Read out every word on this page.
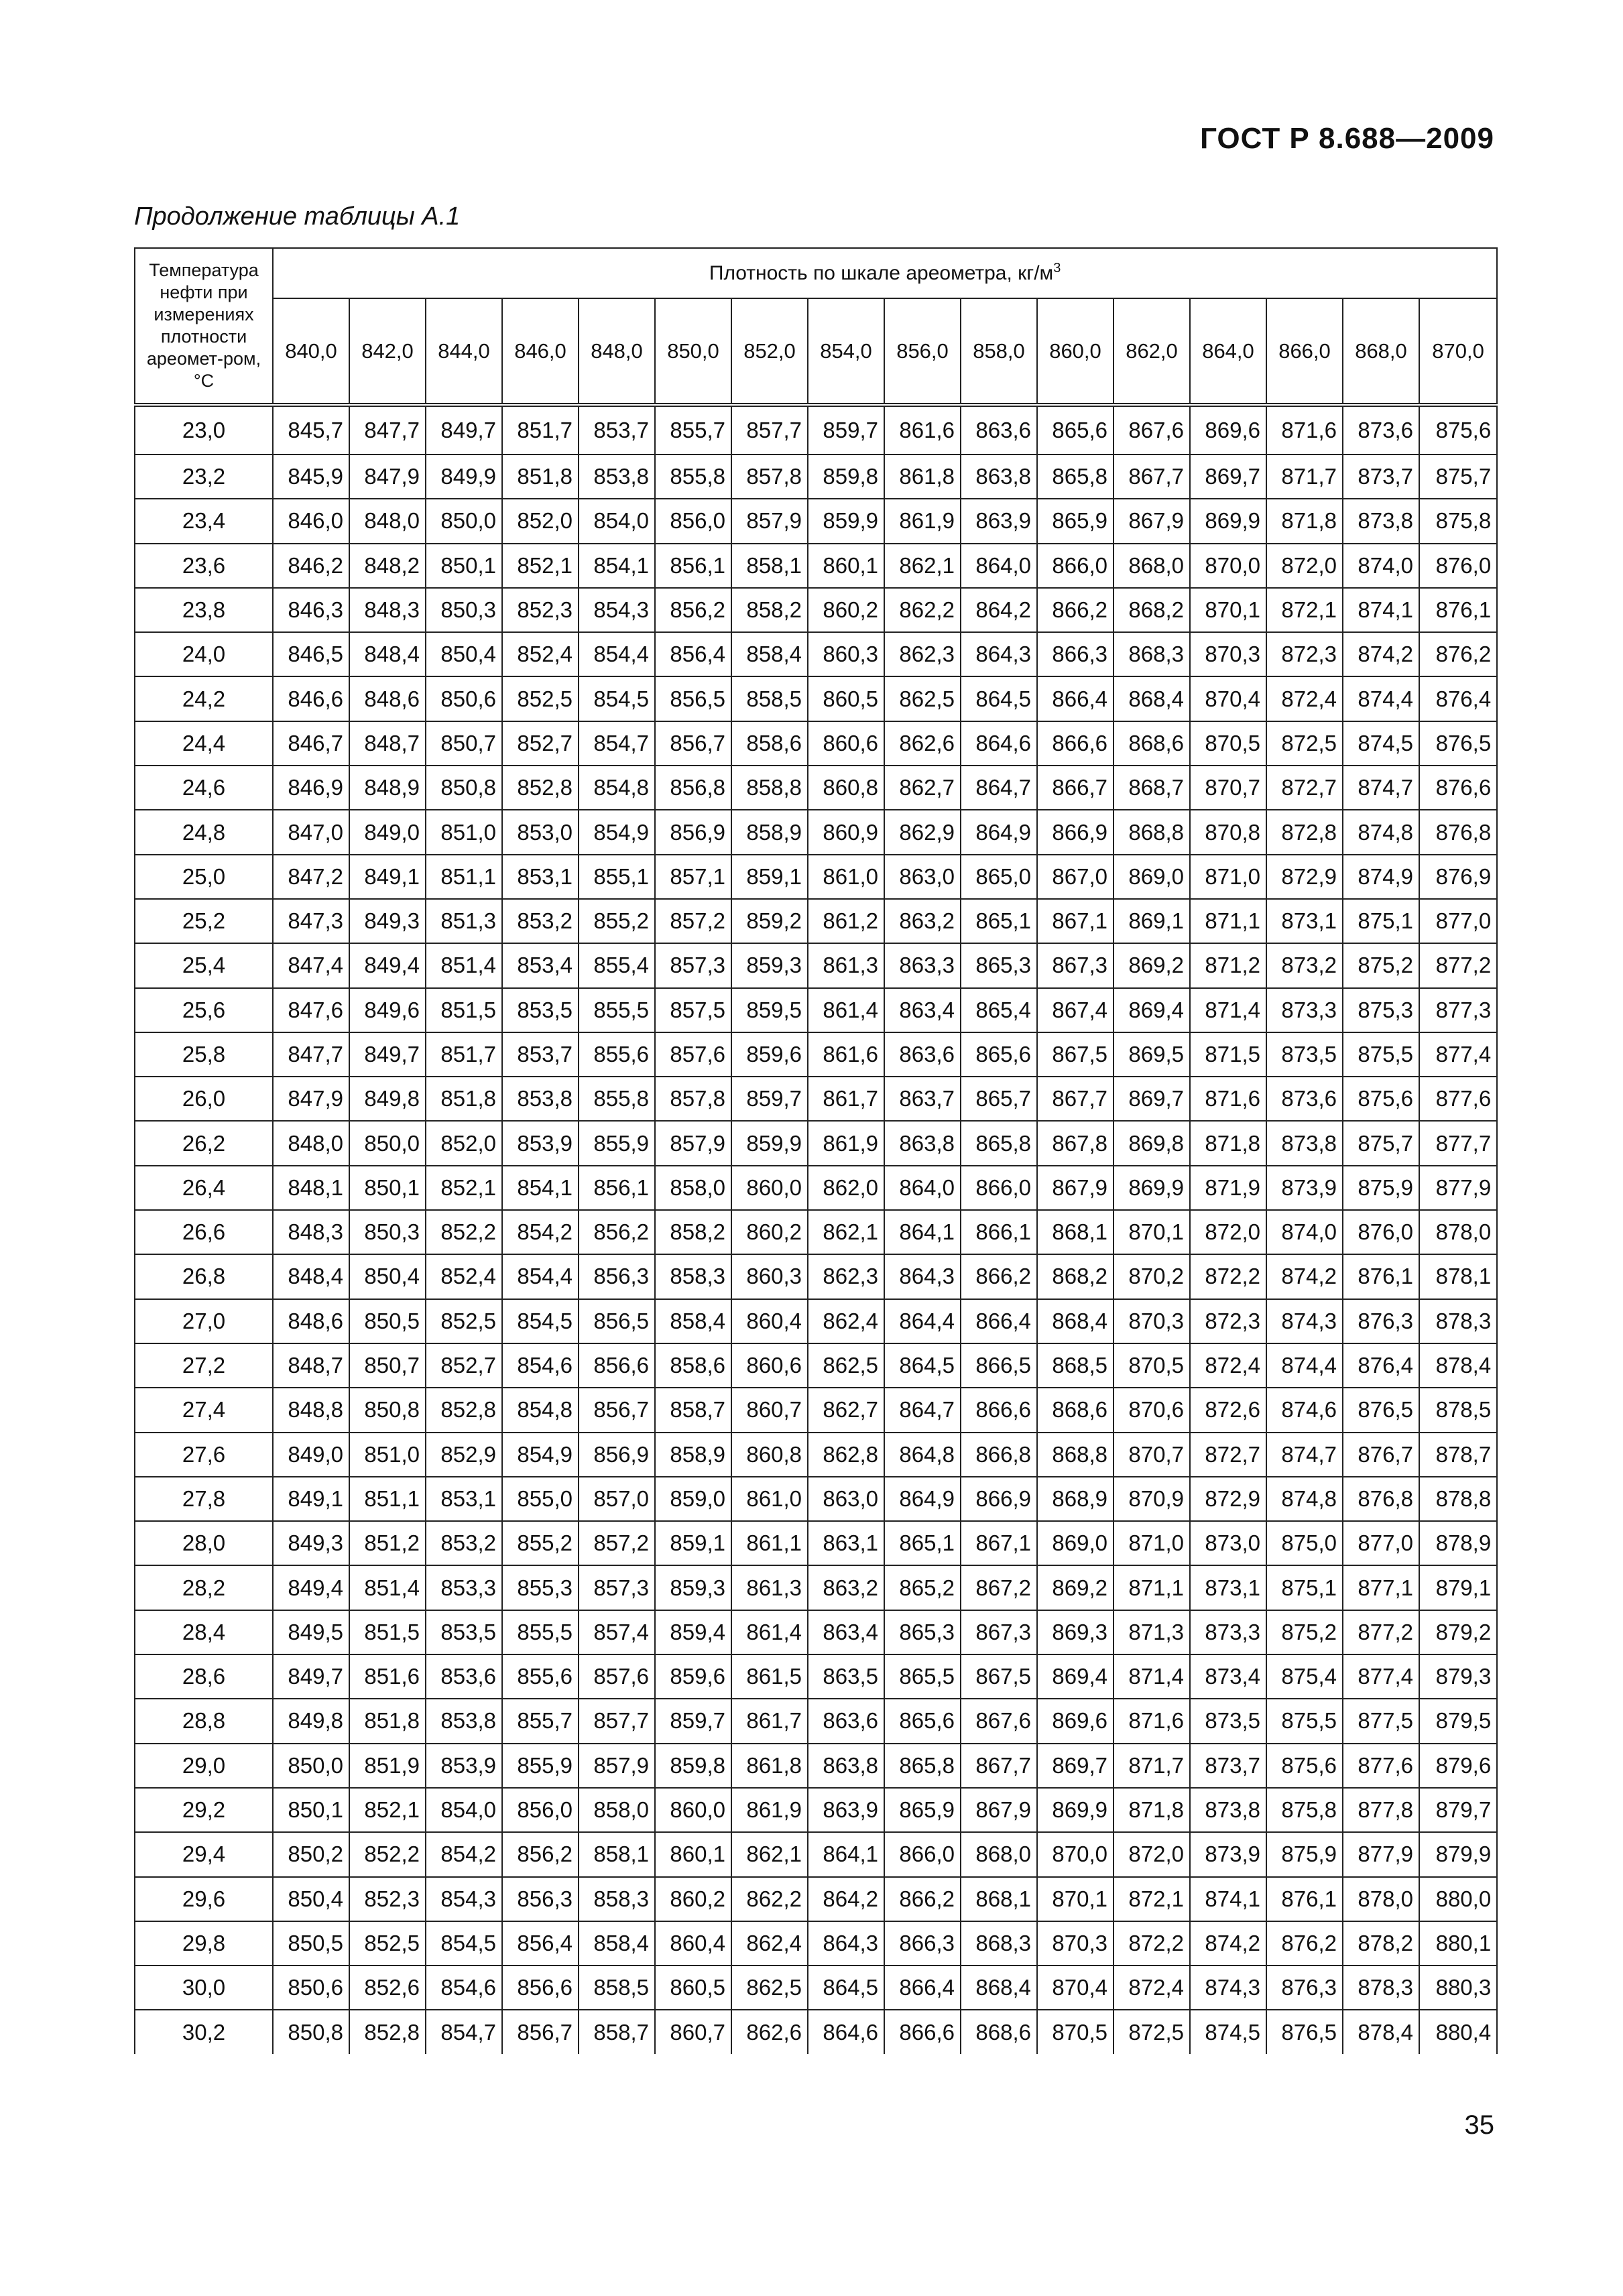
ГОСТ Р 8.688—2009
Продолжение таблицы А.1
Температура нефти при измерениях плотности ареомет-ром, °С	Плотность по шкале ареометра, $кг/м^3$
	840,0	842,0	844,0	846,0	848,0	850,0	852,0	854,0	856,0	858,0	860,0	862,0	864,0	866,0	868,0	870,0
23,0	845,7	847,7	849,7	851,7	853,7	855,7	857,7	859,7	861,6	863,6	865,6	867,6	869,6	871,6	873,6	875,6
23,2	845,9	847,9	849,9	851,8	853,8	855,8	857,8	859,8	861,8	863,8	865,8	867,7	869,7	871,7	873,7	875,7
23,4	846,0	848,0	850,0	852,0	854,0	856,0	857,9	859,9	861,9	863,9	865,9	867,9	869,9	871,8	873,8	875,8
23,6	846,2	848,2	850,1	852,1	854,1	856,1	858,1	860,1	862,1	864,0	866,0	868,0	870,0	872,0	874,0	876,0
23,8	846,3	848,3	850,3	852,3	854,3	856,2	858,2	860,2	862,2	864,2	866,2	868,2	870,1	872,1	874,1	876,1
24,0	846,5	848,4	850,4	852,4	854,4	856,4	858,4	860,3	862,3	864,3	866,3	868,3	870,3	872,3	874,2	876,2
24,2	846,6	848,6	850,6	852,5	854,5	856,5	858,5	860,5	862,5	864,5	866,4	868,4	870,4	872,4	874,4	876,4
24,4	846,7	848,7	850,7	852,7	854,7	856,7	858,6	860,6	862,6	864,6	866,6	868,6	870,5	872,5	874,5	876,5
24,6	846,9	848,9	850,8	852,8	854,8	856,8	858,8	860,8	862,7	864,7	866,7	868,7	870,7	872,7	874,7	876,6
24,8	847,0	849,0	851,0	853,0	854,9	856,9	858,9	860,9	862,9	864,9	866,9	868,8	870,8	872,8	874,8	876,8
25,0	847,2	849,1	851,1	853,1	855,1	857,1	859,1	861,0	863,0	865,0	867,0	869,0	871,0	872,9	874,9	876,9
25,2	847,3	849,3	851,3	853,2	855,2	857,2	859,2	861,2	863,2	865,1	867,1	869,1	871,1	873,1	875,1	877,0
25,4	847,4	849,4	851,4	853,4	855,4	857,3	859,3	861,3	863,3	865,3	867,3	869,2	871,2	873,2	875,2	877,2
25,6	847,6	849,6	851,5	853,5	855,5	857,5	859,5	861,4	863,4	865,4	867,4	869,4	871,4	873,3	875,3	877,3
25,8	847,7	849,7	851,7	853,7	855,6	857,6	859,6	861,6	863,6	865,6	867,5	869,5	871,5	873,5	875,5	877,4
26,0	847,9	849,8	851,8	853,8	855,8	857,8	859,7	861,7	863,7	865,7	867,7	869,7	871,6	873,6	875,6	877,6
26,2	848,0	850,0	852,0	853,9	855,9	857,9	859,9	861,9	863,8	865,8	867,8	869,8	871,8	873,8	875,7	877,7
26,4	848,1	850,1	852,1	854,1	856,1	858,0	860,0	862,0	864,0	866,0	867,9	869,9	871,9	873,9	875,9	877,9
26,6	848,3	850,3	852,2	854,2	856,2	858,2	860,2	862,1	864,1	866,1	868,1	870,1	872,0	874,0	876,0	878,0
26,8	848,4	850,4	852,4	854,4	856,3	858,3	860,3	862,3	864,3	866,2	868,2	870,2	872,2	874,2	876,1	878,1
27,0	848,6	850,5	852,5	854,5	856,5	858,4	860,4	862,4	864,4	866,4	868,4	870,3	872,3	874,3	876,3	878,3
27,2	848,7	850,7	852,7	854,6	856,6	858,6	860,6	862,5	864,5	866,5	868,5	870,5	872,4	874,4	876,4	878,4
27,4	848,8	850,8	852,8	854,8	856,7	858,7	860,7	862,7	864,7	866,6	868,6	870,6	872,6	874,6	876,5	878,5
27,6	849,0	851,0	852,9	854,9	856,9	858,9	860,8	862,8	864,8	866,8	868,8	870,7	872,7	874,7	876,7	878,7
27,8	849,1	851,1	853,1	855,0	857,0	859,0	861,0	863,0	864,9	866,9	868,9	870,9	872,9	874,8	876,8	878,8
28,0	849,3	851,2	853,2	855,2	857,2	859,1	861,1	863,1	865,1	867,1	869,0	871,0	873,0	875,0	877,0	878,9
28,2	849,4	851,4	853,3	855,3	857,3	859,3	861,3	863,2	865,2	867,2	869,2	871,1	873,1	875,1	877,1	879,1
28,4	849,5	851,5	853,5	855,5	857,4	859,4	861,4	863,4	865,3	867,3	869,3	871,3	873,3	875,2	877,2	879,2
28,6	849,7	851,6	853,6	855,6	857,6	859,6	861,5	863,5	865,5	867,5	869,4	871,4	873,4	875,4	877,4	879,3
28,8	849,8	851,8	853,8	855,7	857,7	859,7	861,7	863,6	865,6	867,6	869,6	871,6	873,5	875,5	877,5	879,5
29,0	850,0	851,9	853,9	855,9	857,9	859,8	861,8	863,8	865,8	867,7	869,7	871,7	873,7	875,6	877,6	879,6
29,2	850,1	852,1	854,0	856,0	858,0	860,0	861,9	863,9	865,9	867,9	869,9	871,8	873,8	875,8	877,8	879,7
29,4	850,2	852,2	854,2	856,2	858,1	860,1	862,1	864,1	866,0	868,0	870,0	872,0	873,9	875,9	877,9	879,9
29,6	850,4	852,3	854,3	856,3	858,3	860,2	862,2	864,2	866,2	868,1	870,1	872,1	874,1	876,1	878,0	880,0
29,8	850,5	852,5	854,5	856,4	858,4	860,4	862,4	864,3	866,3	868,3	870,3	872,2	874,2	876,2	878,2	880,1
30,0	850,6	852,6	854,6	856,6	858,5	860,5	862,5	864,5	866,4	868,4	870,4	872,4	874,3	876,3	878,3	880,3
30,2	850,8	852,8	854,7	856,7	858,7	860,7	862,6	864,6	866,6	868,6	870,5	872,5	874,5	876,5	878,4	880,4
35
